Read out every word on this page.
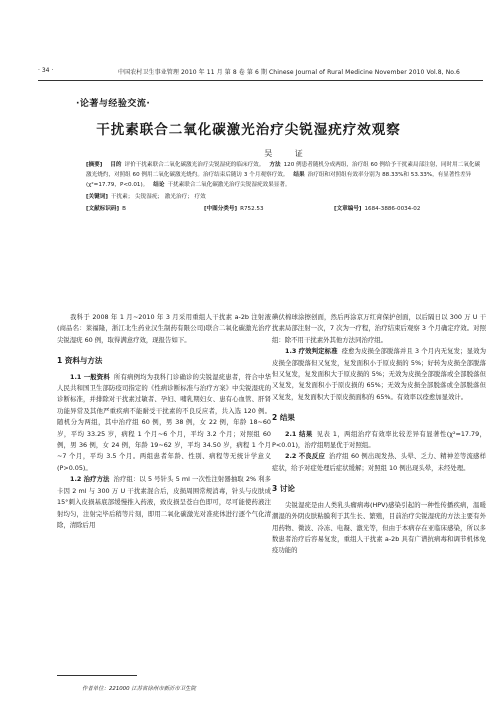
· 34 ·	中国农村卫生事业管理 2010 年 11 月 第 8 卷 第 6 期 Chinese Journal of Rural Medicine November 2010 Vol.8, No.6
·论著与经验交流·
干扰素联合二氧化碳激光治疗尖锐湿疣疗效观察
吴 证

[摘要] 目的 评价干扰素联合二氧化碳激光治疗尖锐湿疣的临床疗效。 方法 120 例患者随机分成两组，治疗组 60 例给予干扰素局部注射，同时用二氧化碳激光烧灼，对照组 60 例用二氧化碳激光烧灼。治疗结束后随访 3 个月观察疗效。 结果 治疗组和对照组有效率分别为 88.33%和 53.33%，有显著性差异(χ²=17.79，P<0.01)。 结论 干扰素联合二氧化碳激光治疗尖锐湿疣效果显著。

[关键词] 干扰素； 尖锐湿疣； 激光治疗； 疗效

[文献标识码] B	[中图分类号] R752.53	[文章编号] 1684-3886-0034-02

我科于 2008 年 1 月~2010 年 3 月采用重组人干扰素 a-2b 注射液(商品名：莱福隆，浙江北生药业汉生制药有限公司)联合二氧化碳激光治疗尖锐湿疣 60 例，取得满意疗效，现报告如下。

1 资料与方法

1.1 一般资料 所有病例均为我科门诊确诊的尖锐湿疣患者，符合中华人民共和国卫生部防疫司指定的《性病诊断标准与治疗方案》中尖锐湿疣的诊断标准，并排除对干扰素过敏者、孕妇、哺乳期妇女、患有心血管、肝肾功能异常及其他严重疾病不能耐受干扰素的不良反应者，共入选 120 例。随机分为两组，其中治疗组 60 例，男 38 例，女 22 例，年龄 18~60 岁，平均 33.25 岁，病程 1 个月~6 个月，平均 3.2 个月；对照组 60 例，男 36 例，女 24 例，年龄 19~62 岁，平均 34.50 岁，病程 1 个月~7 个月，平均 3.5 个月。两组患者年龄、性别、病程等无统计学意义(P>0.05)。

1.2 治疗方法 治疗组：以 5 号针头 5 ml 一次性注射器抽取 2% 利多卡因 2 ml 与 300 万 U 干扰素混合后，皮损周围常规消毒，针头与皮肤成 15°刺入皮损基底部缓慢推入药液，致皮损呈苍白色即可，尽可能使药液注射均匀，注射完毕后稍等片刻，即用二氧化碳激光对准疣体进行逐个气化清除，清除后用

碘伏棉球涂擦创面，然后再涂京万红膏保护创面，以后隔日以 300 万 U 干扰素局部注射一次，7 次为一疗程，治疗结束后观察 3 个月确定疗效。对照组：除不用干扰素外其他方法同治疗组。

1.3 疗效判定标准 痊愈为皮损全部脱落并且 3 个月内无复发；显效为皮损全部脱落但又复发，复发面积小于原皮损的 5%；好转为皮损全部脱落但又复发，复发面积大于原皮损的 5%；无效为皮损全部脱落或全部脱落但又复发，复发面积小于原皮损的 65%；无效为皮损全部脱落或全部脱落但又复发，复发面积大于原皮损面积的 65%。有效率以痊愈加显效计。

2 结果

2.1 结果 见表 1，两组治疗有效率比较差异有显著性(χ²=17.79，P<0.01)，治疗组明显优于对照组。

2.2 不良反应 治疗组 60 例出现发热、头晕、乏力、精神差等流感样症状，给予对症处理后症状缓解；对照组 10 例出现头晕，未经处理。

3 讨论

尖锐湿疣是由人类乳头瘤病毒(HPV)感染引起的一种性传播疾病，温暖潮湿的外阴皮肤粘膜利于其生长、繁殖，目前治疗尖锐湿疣的方法主要有外用药物、微波、冷冻、电凝、激光等，但由于本病存在亚临床感染，所以多数患者治疗后容易复发，重组人干扰素 a-2b 具有广谱抗病毒和调节机体免疫功能的

作者单位：221000 江苏省徐州市新沂市卫生院
